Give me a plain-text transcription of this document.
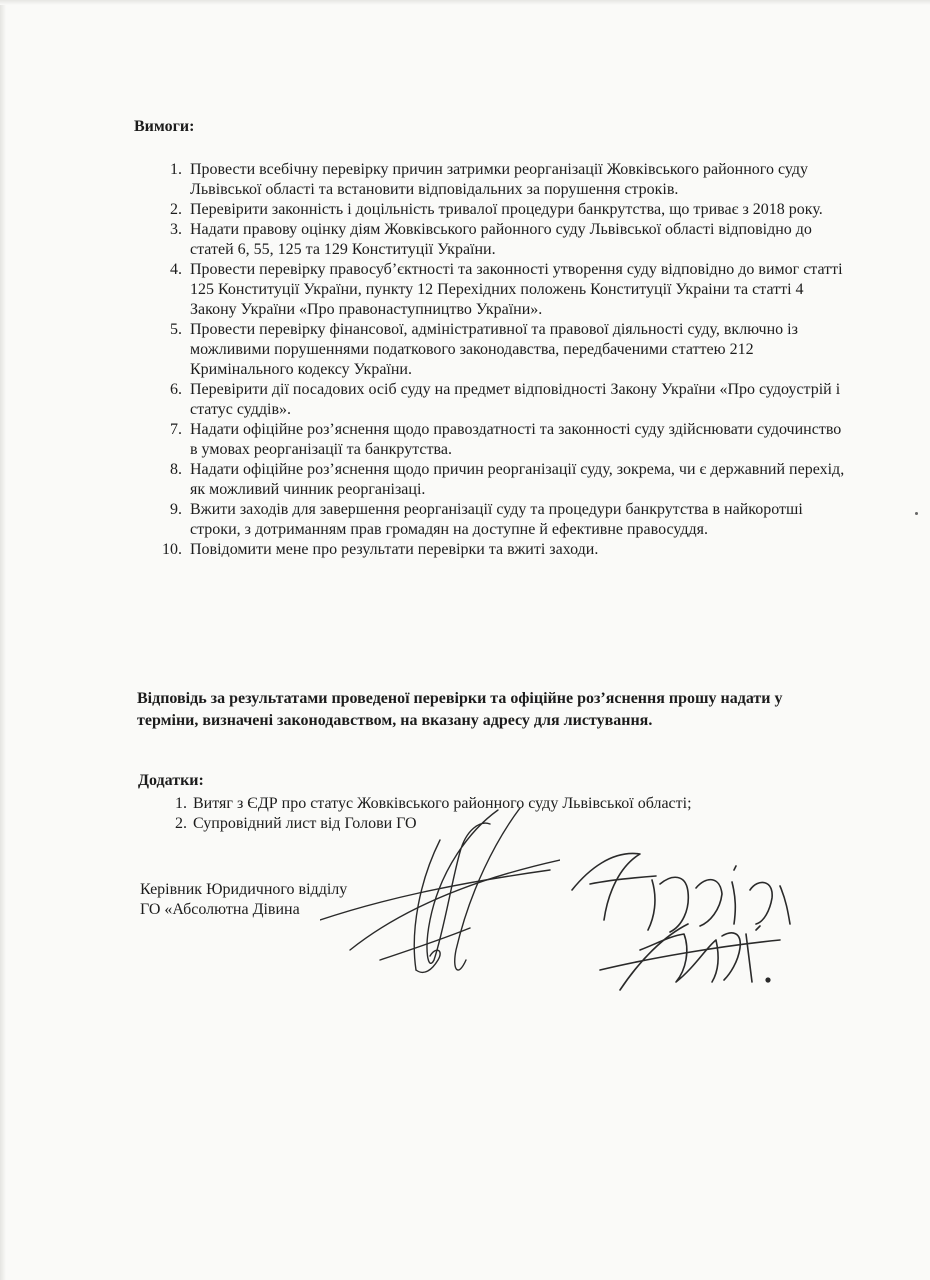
Вимоги:
1. Провести всебічну перевірку причин затримки реорганізації Жовківського районного суду Львівської області та встановити відповідальних за порушення строків.
2. Перевірити законність і доцільність тривалої процедури банкрутства, що триває з 2018 року.
3. Надати правову оцінку діям Жовківського районного суду Львівської області відповідно до статей 6, 55, 125 та 129 Конституції України.
4. Провести перевірку правосуб’єктності та законності утворення суду відповідно до вимог статті 125 Конституції України, пункту 12 Перехідних положень Конституції Украіни та статті 4 Закону України «Про правонаступництво України».
5. Провести перевірку фінансової, адміністративної та правової діяльності суду, включно із можливими порушеннями податкового законодавства, передбаченими статтею 212 Кримінального кодексу України.
6. Перевірити дії посадових осіб суду на предмет відповідності Закону України «Про судоустрій і статус суддів».
7. Надати офіційне роз’яснення щодо правоздатності та законності суду здійснювати судочинство в умовах реорганізації та банкрутства.
8. Надати офіційне роз’яснення щодо причин реорганізації суду, зокрема, чи є державний перехід, як можливий чинник реорганізаці.
9. Вжити заходів для завершення реорганізації суду та процедури банкрутства в найкоротші строки, з дотриманням прав громадян на доступне й ефективне правосуддя.
10. Повідомити мене про результати перевірки та вжиті заходи.
Відповідь за результатами проведеної перевірки та офіційне роз’яснення прошу надати у терміни, визначені законодавством, на вказану адресу для листування.
Додатки:
1. Витяг з ЄДР про статус Жовківського районного суду Львівської області;
2. Супровідний лист від Голови ГО
Керівник Юридичного відділу
ГО «Абсолютна Дівина
